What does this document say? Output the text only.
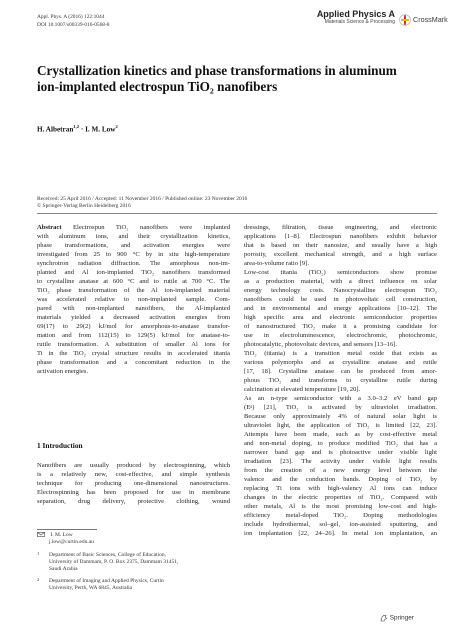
Appl. Phys. A (2016) 122:1044
DOI 10.1007/s00339-016-0568-8
Applied Physics A
Materials Science & Processing	CrossMark
Crystallization kinetics and phase transformations in aluminum
ion-implanted electrospun TiO₂ nanofibers
H. Albetran$^{1,2}$ · I. M. Low$^2$
Received: 25 April 2016 / Accepted: 11 November 2016 / Published online: 23 November 2016
© Springer-Verlag Berlin Heidelberg 2016
Abstract Electrospun TiO₂ nanofibers were implanted
with aluminum ions, and their crystallization kinetics,
phase transformations, and activation energies were
investigated from 25 to 900 °C by in situ high-temperature
synchrotron radiation diffraction. The amorphous non-im-
planted and Al ion-implanted TiO₂ nanofibers transformed
to crystalline anatase at 600 °C and to rutile at 700 °C. The
TiO₂ phase transformation of the Al ion-implanted material
was accelerated relative to non-implanted sample. Com-
pared with non-implanted nanofibers, the Al-implanted
materials yielded a decreased activation energies from
69(17) to 29(2) kJ/mol for amorphous-to-anatase transfor-
mation and from 112(15) to 129(5) kJ/mol for anatase-to-
rutile transformation. A substitution of smaller Al ions for
Ti in the TiO₂ crystal structure results in accelerated titania
phase transformation and a concomitant reduction in the
activation energies.
1 Introduction
Nanofibers are usually produced by electrospinning, which
is a relatively new, cost-effective, and simple synthesis
technique for producing one-dimensional nanostructures.
Electrospinning has been proposed for use in membrane
separation, drug delivery, protective clothing, wound
I. M. Low
j.low@curtin.edu.au
1	Department of Basic Sciences, College of Education,
University of Dammam, P. O. Box 2375, Dammam 31451,
Saudi Arabia
2	Department of Imaging and Applied Physics, Curtin
University, Perth, WA 6845, Australia
dressings, filtration, tissue engineering, and electronic
applications [1–8]. Electrospun nanofibers exhibit behavior
that is based on their nanosize, and usually have a high
porosity, excellent mechanical strength, and a high surface
area-to-volume ratio [9].
Low-cost titania (TiO₂) semiconductors show promise
as a production material, with a direct influence on solar
energy technology costs. Nanocrystalline electrospun TiO₂
nanofibers could be used in photovoltaic cell construction,
and in environmental and energy applications [10–12]. The
high specific area and electronic semiconductor properties
of nanostructured TiO₂ make it a promising candidate for
use in electroluminescence, electrochromic, photochromic,
photocatalytic, photovoltaic devices, and sensors [13–16].
TiO₂ (titania) is a transition metal oxide that exists as
various polymorphs and as crystalline anatase and rutile
[17, 18]. Crystalline anatase can be produced from amor-
phous TiO₂ and transforms to crystalline rutile during
calcination at elevated temperature [19, 20].
As an n-type semiconductor with a 3.0–3.2 eV band gap
(Eᵍ) [21], TiO₂ is activated by ultraviolet irradiation.
Because only approximately 4% of natural solar light is
ultraviolet light, the application of TiO₂ is limited [22, 23].
Attempts have been made, such as by cost-effective metal
and non-metal doping, to produce modified TiO₂ that has a
narrower band gap and is photoactive under visible light
irradiation [23]. The activity under visible light results
from the creation of a new energy level between the
valence and the conduction bands. Doping of TiO₂ by
replacing Ti ions with high-valency Al ions can induce
changes in the electric properties of TiO₂. Compared with
other metals, Al is the most promising low-cost and high-
efficiency metal-doped TiO₂. Doping methodologies
include hydrothermal, sol–gel, ion-assisted sputtering, and
ion implantation [22, 24–26]. In metal ion implantation, an
Springer
